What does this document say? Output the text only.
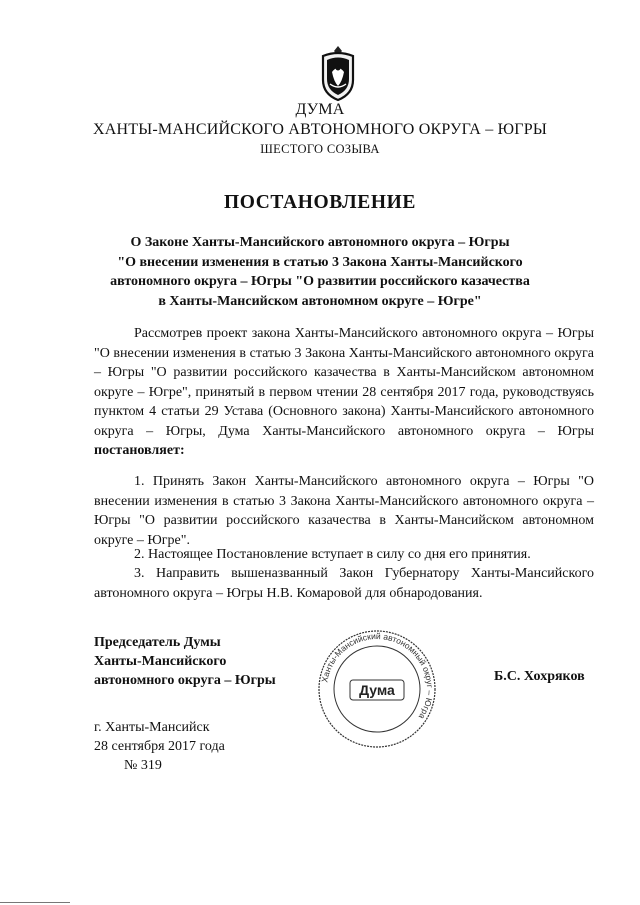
ДУМА
ХАНТЫ-МАНСИЙСКОГО АВТОНОМНОГО ОКРУГА – ЮГРЫ
ШЕСТОГО СОЗЫВА
ПОСТАНОВЛЕНИЕ
О Законе Ханты-Мансийского автономного округа – Югры
"О внесении изменения в статью 3 Закона Ханты-Мансийского
автономного округа – Югры "О развитии российского казачества
в Ханты-Мансийском автономном округе – Югре"

Рассмотрев проект закона Ханты-Мансийского автономного округа – Югры "О внесении изменения в статью 3 Закона Ханты-Мансийского автономного округа – Югры "О развитии российского казачества в Ханты-Мансийском автономном округе – Югре", принятый в первом чтении 28 сентября 2017 года, руководствуясь пунктом 4 статьи 29 Устава (Основного закона) Ханты-Мансийского автономного округа – Югры, Дума Ханты-Мансийского автономного округа – Югры постановляет:

1. Принять Закон Ханты-Мансийского автономного округа – Югры "О внесении изменения в статью 3 Закона Ханты-Мансийского автономного округа – Югры "О развитии российского казачества в Ханты-Мансийском автономном округе – Югре".

2. Настоящее Постановление вступает в силу со дня его принятия.

3. Направить вышеназванный Закон Губернатору Ханты-Мансийского автономного округа – Югры Н.В. Комаровой для обнародования.

Председатель Думы
Ханты-Мансийского
автономного округа – Югры	Ханты-Мансийский автономный округ – Югра
Дума
Б.С. Хохряков
г. Ханты-Мансийск
28 сентября 2017 года
№ 319
